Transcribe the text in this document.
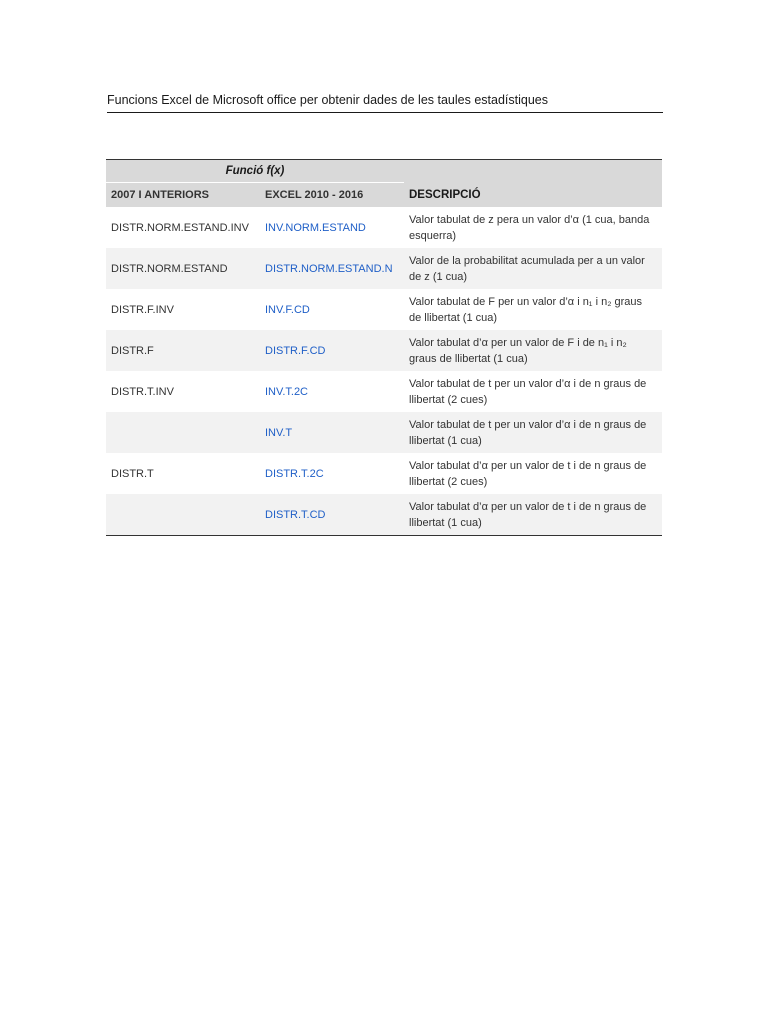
Funcions Excel de Microsoft office per obtenir dades de les taules estadístiques
Funció f(x)		DESCRIPCIÓ
2007 I ANTERIORS	EXCEL 2010 - 2016	
DISTR.NORM.ESTAND.INV	INV.NORM.ESTAND	Valor tabulat de z pera un valor d’α (1 cua, banda esquerra)
DISTR.NORM.ESTAND	DISTR.NORM.ESTAND.N	Valor de la probabilitat acumulada per a un valor de z (1 cua)
DISTR.F.INV	INV.F.CD	Valor tabulat de F per un valor d’α i n₁ i n₂ graus de llibertat (1 cua)
DISTR.F	DISTR.F.CD	Valor tabulat d’α per un valor de F i de n₁ i n₂ graus de llibertat (1 cua)
DISTR.T.INV	INV.T.2C	Valor tabulat de t per un valor d’α i de n graus de llibertat (2 cues)
	INV.T	Valor tabulat de t per un valor d’α i de n graus de llibertat (1 cua)
DISTR.T	DISTR.T.2C	Valor tabulat d’α per un valor de t i de n graus de llibertat (2 cues)
	DISTR.T.CD	Valor tabulat d’α per un valor de t i de n graus de llibertat (1 cua)
